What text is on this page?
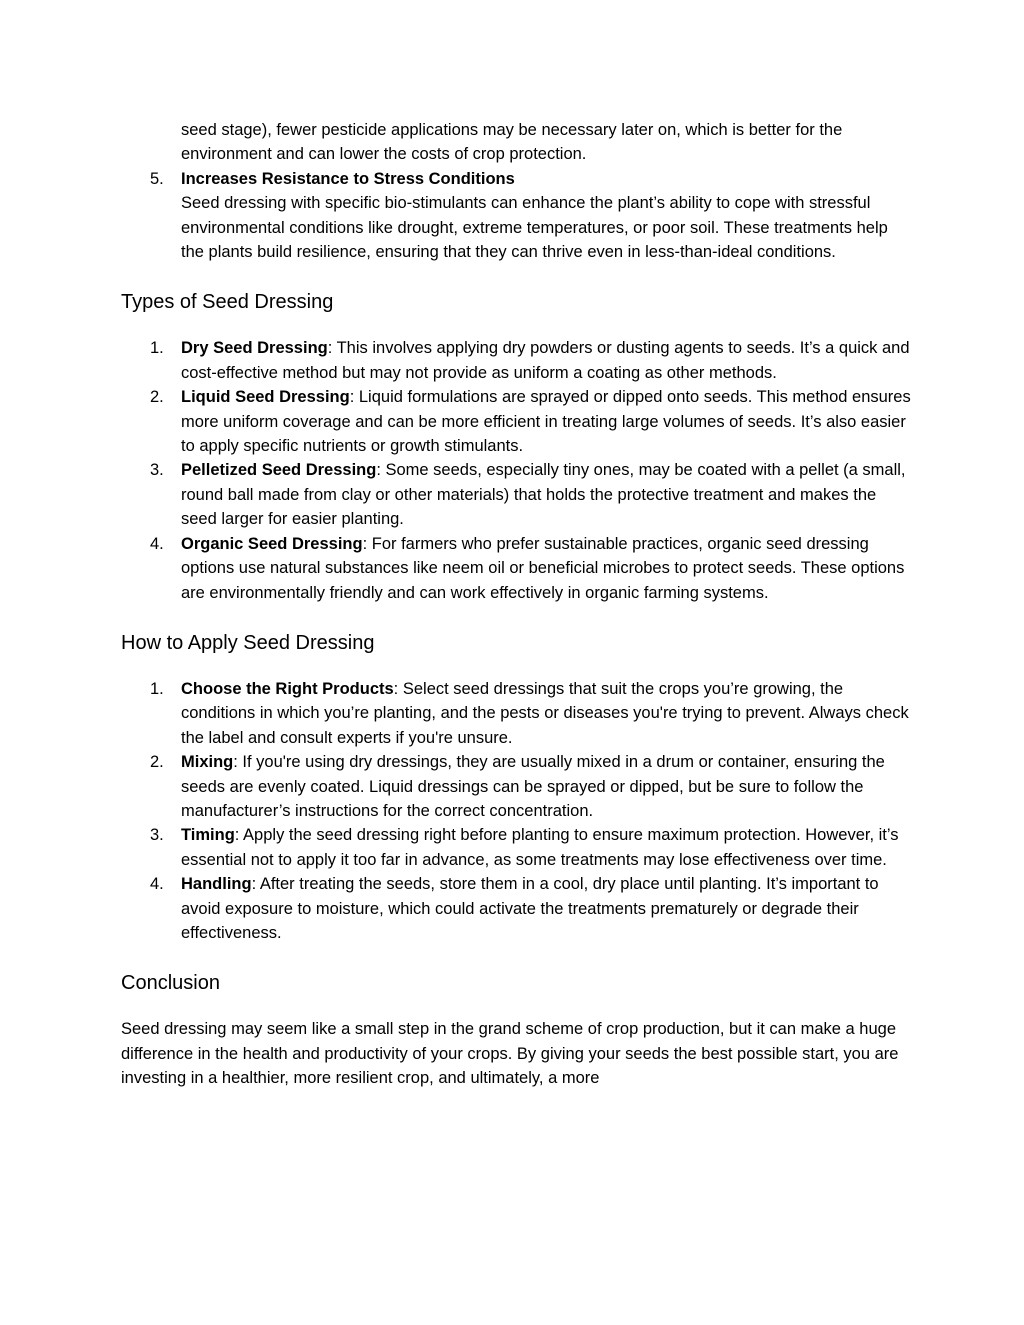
seed stage), fewer pesticide applications may be necessary later on, which is better for the environment and can lower the costs of crop protection.
5. Increases Resistance to Stress Conditions
Seed dressing with specific bio-stimulants can enhance the plant’s ability to cope with stressful environmental conditions like drought, extreme temperatures, or poor soil. These treatments help the plants build resilience, ensuring that they can thrive even in less-than-ideal conditions.
Types of Seed Dressing
1. Dry Seed Dressing: This involves applying dry powders or dusting agents to seeds. It’s a quick and cost-effective method but may not provide as uniform a coating as other methods.
2. Liquid Seed Dressing: Liquid formulations are sprayed or dipped onto seeds. This method ensures more uniform coverage and can be more efficient in treating large volumes of seeds. It’s also easier to apply specific nutrients or growth stimulants.
3. Pelletized Seed Dressing: Some seeds, especially tiny ones, may be coated with a pellet (a small, round ball made from clay or other materials) that holds the protective treatment and makes the seed larger for easier planting.
4. Organic Seed Dressing: For farmers who prefer sustainable practices, organic seed dressing options use natural substances like neem oil or beneficial microbes to protect seeds. These options are environmentally friendly and can work effectively in organic farming systems.
How to Apply Seed Dressing
1. Choose the Right Products: Select seed dressings that suit the crops you’re growing, the conditions in which you’re planting, and the pests or diseases you're trying to prevent. Always check the label and consult experts if you're unsure.
2. Mixing: If you're using dry dressings, they are usually mixed in a drum or container, ensuring the seeds are evenly coated. Liquid dressings can be sprayed or dipped, but be sure to follow the manufacturer’s instructions for the correct concentration.
3. Timing: Apply the seed dressing right before planting to ensure maximum protection. However, it’s essential not to apply it too far in advance, as some treatments may lose effectiveness over time.
4. Handling: After treating the seeds, store them in a cool, dry place until planting. It’s important to avoid exposure to moisture, which could activate the treatments prematurely or degrade their effectiveness.
Conclusion

Seed dressing may seem like a small step in the grand scheme of crop production, but it can make a huge difference in the health and productivity of your crops. By giving your seeds the best possible start, you are investing in a healthier, more resilient crop, and ultimately, a more
